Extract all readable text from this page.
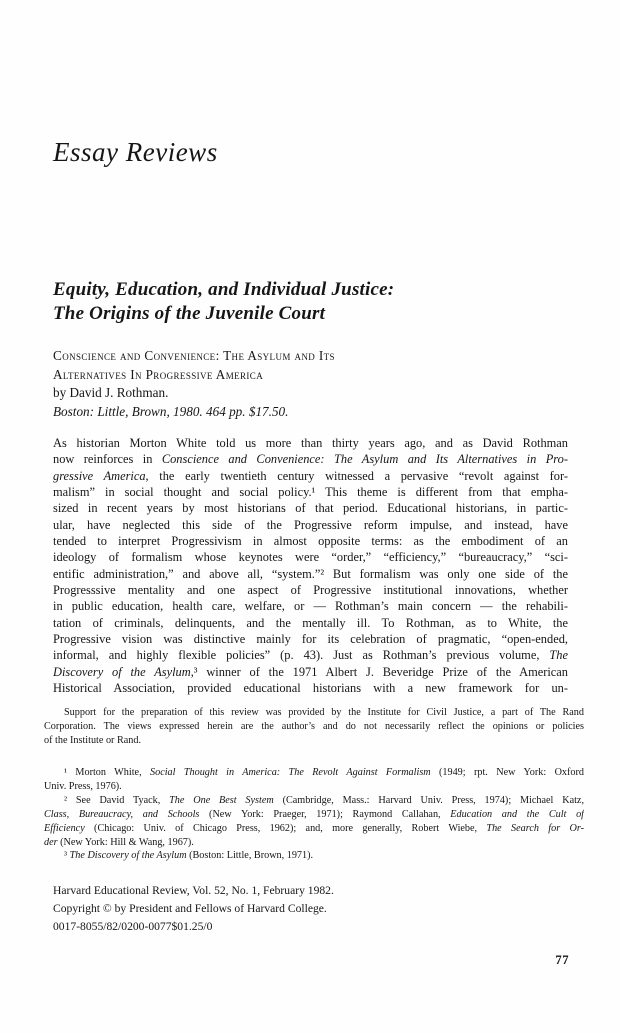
Essay Reviews
Equity, Education, and Individual Justice:
The Origins of the Juvenile Court
Conscience and Convenience: The Asylum and Its
Alternatives In Progressive America
by David J. Rothman.
Boston: Little, Brown, 1980. 464 pp. $17.50.
As historian Morton White told us more than thirty years ago, and as David Rothman
now reinforces in Conscience and Convenience: The Asylum and Its Alternatives in Pro-
gressive America, the early twentieth century witnessed a pervasive “revolt against for-
malism” in social thought and social policy.¹ This theme is different from that empha-
sized in recent years by most historians of that period. Educational historians, in partic-
ular, have neglected this side of the Progressive reform impulse, and instead, have
tended to interpret Progressivism in almost opposite terms: as the embodiment of an
ideology of formalism whose keynotes were “order,” “efficiency,” “bureaucracy,” “sci-
entific administration,” and above all, “system.”² But formalism was only one side of the
Progresssive mentality and one aspect of Progressive institutional innovations, whether
in public education, health care, welfare, or — Rothman’s main concern — the rehabili-
tation of criminals, delinquents, and the mentally ill. To Rothman, as to White, the
Progressive vision was distinctive mainly for its celebration of pragmatic, “open-ended,
informal, and highly flexible policies” (p. 43). Just as Rothman’s previous volume, The
Discovery of the Asylum,³ winner of the 1971 Albert J. Beveridge Prize of the American
Historical Association, provided educational historians with a new framework for un-
Support for the preparation of this review was provided by the Institute for Civil Justice, a part of The Rand
Corporation. The views expressed herein are the author’s and do not necessarily reflect the opinions or policies
of the Institute or Rand.
¹ Morton White, Social Thought in America: The Revolt Against Formalism (1949; rpt. New York: Oxford
Univ. Press, 1976).
² See David Tyack, The One Best System (Cambridge, Mass.: Harvard Univ. Press, 1974); Michael Katz,
Class, Bureaucracy, and Schools (New York: Praeger, 1971); Raymond Callahan, Education and the Cult of
Efficiency (Chicago: Univ. of Chicago Press, 1962); and, more generally, Robert Wiebe, The Search for Or-
der (New York: Hill & Wang, 1967).
³ The Discovery of the Asylum (Boston: Little, Brown, 1971).
Harvard Educational Review, Vol. 52, No. 1, February 1982.
Copyright © by President and Fellows of Harvard College.
0017-8055/82/0200-0077$01.25/0
77
